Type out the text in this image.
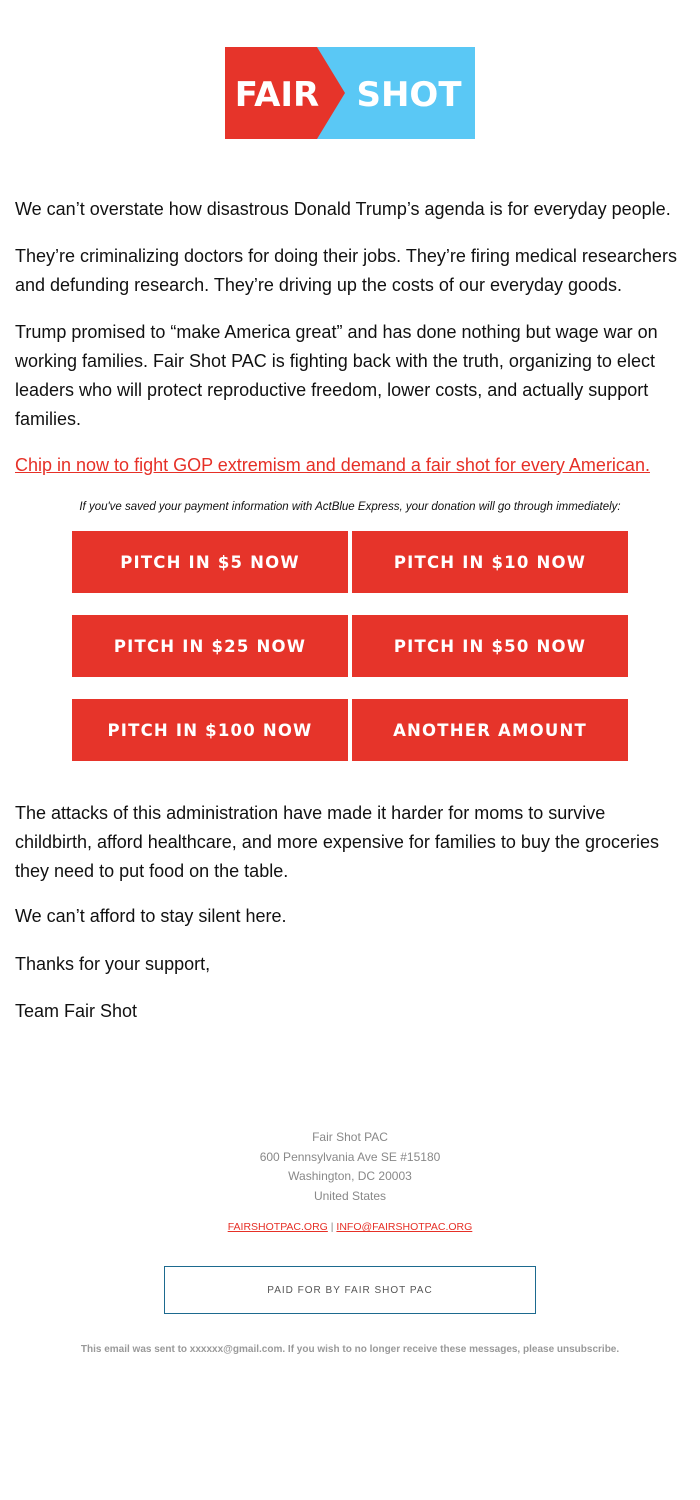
FAIR SHOT

We can’t overstate how disastrous Donald Trump’s agenda is for everyday people.

They’re criminalizing doctors for doing their jobs. They’re firing medical researchers and defunding research. They’re driving up the costs of our everyday goods.

Trump promised to “make America great” and has done nothing but wage war on working families. Fair Shot PAC is fighting back with the truth, organizing to elect leaders who will protect reproductive freedom, lower costs, and actually support families.

Chip in now to fight GOP extremism and demand a fair shot for every American.
If you've saved your payment information with ActBlue Express, your donation will go through immediately:
PITCH IN $5 NOW	PITCH IN $10 NOW
PITCH IN $25 NOW	PITCH IN $50 NOW
PITCH IN $100 NOW	ANOTHER AMOUNT

The attacks of this administration have made it harder for moms to survive childbirth, afford healthcare, and more expensive for families to buy the groceries they need to put food on the table.

We can’t afford to stay silent here.

Thanks for your support,

Team Fair Shot

Fair Shot PAC
600 Pennsylvania Ave SE #15180
Washington, DC 20003
United States
FAIRSHOTPAC.ORG | INFO@FAIRSHOTPAC.ORG
PAID FOR BY FAIR SHOT PAC
This email was sent to xxxxxx@gmail.com. If you wish to no longer receive these messages, please unsubscribe.
